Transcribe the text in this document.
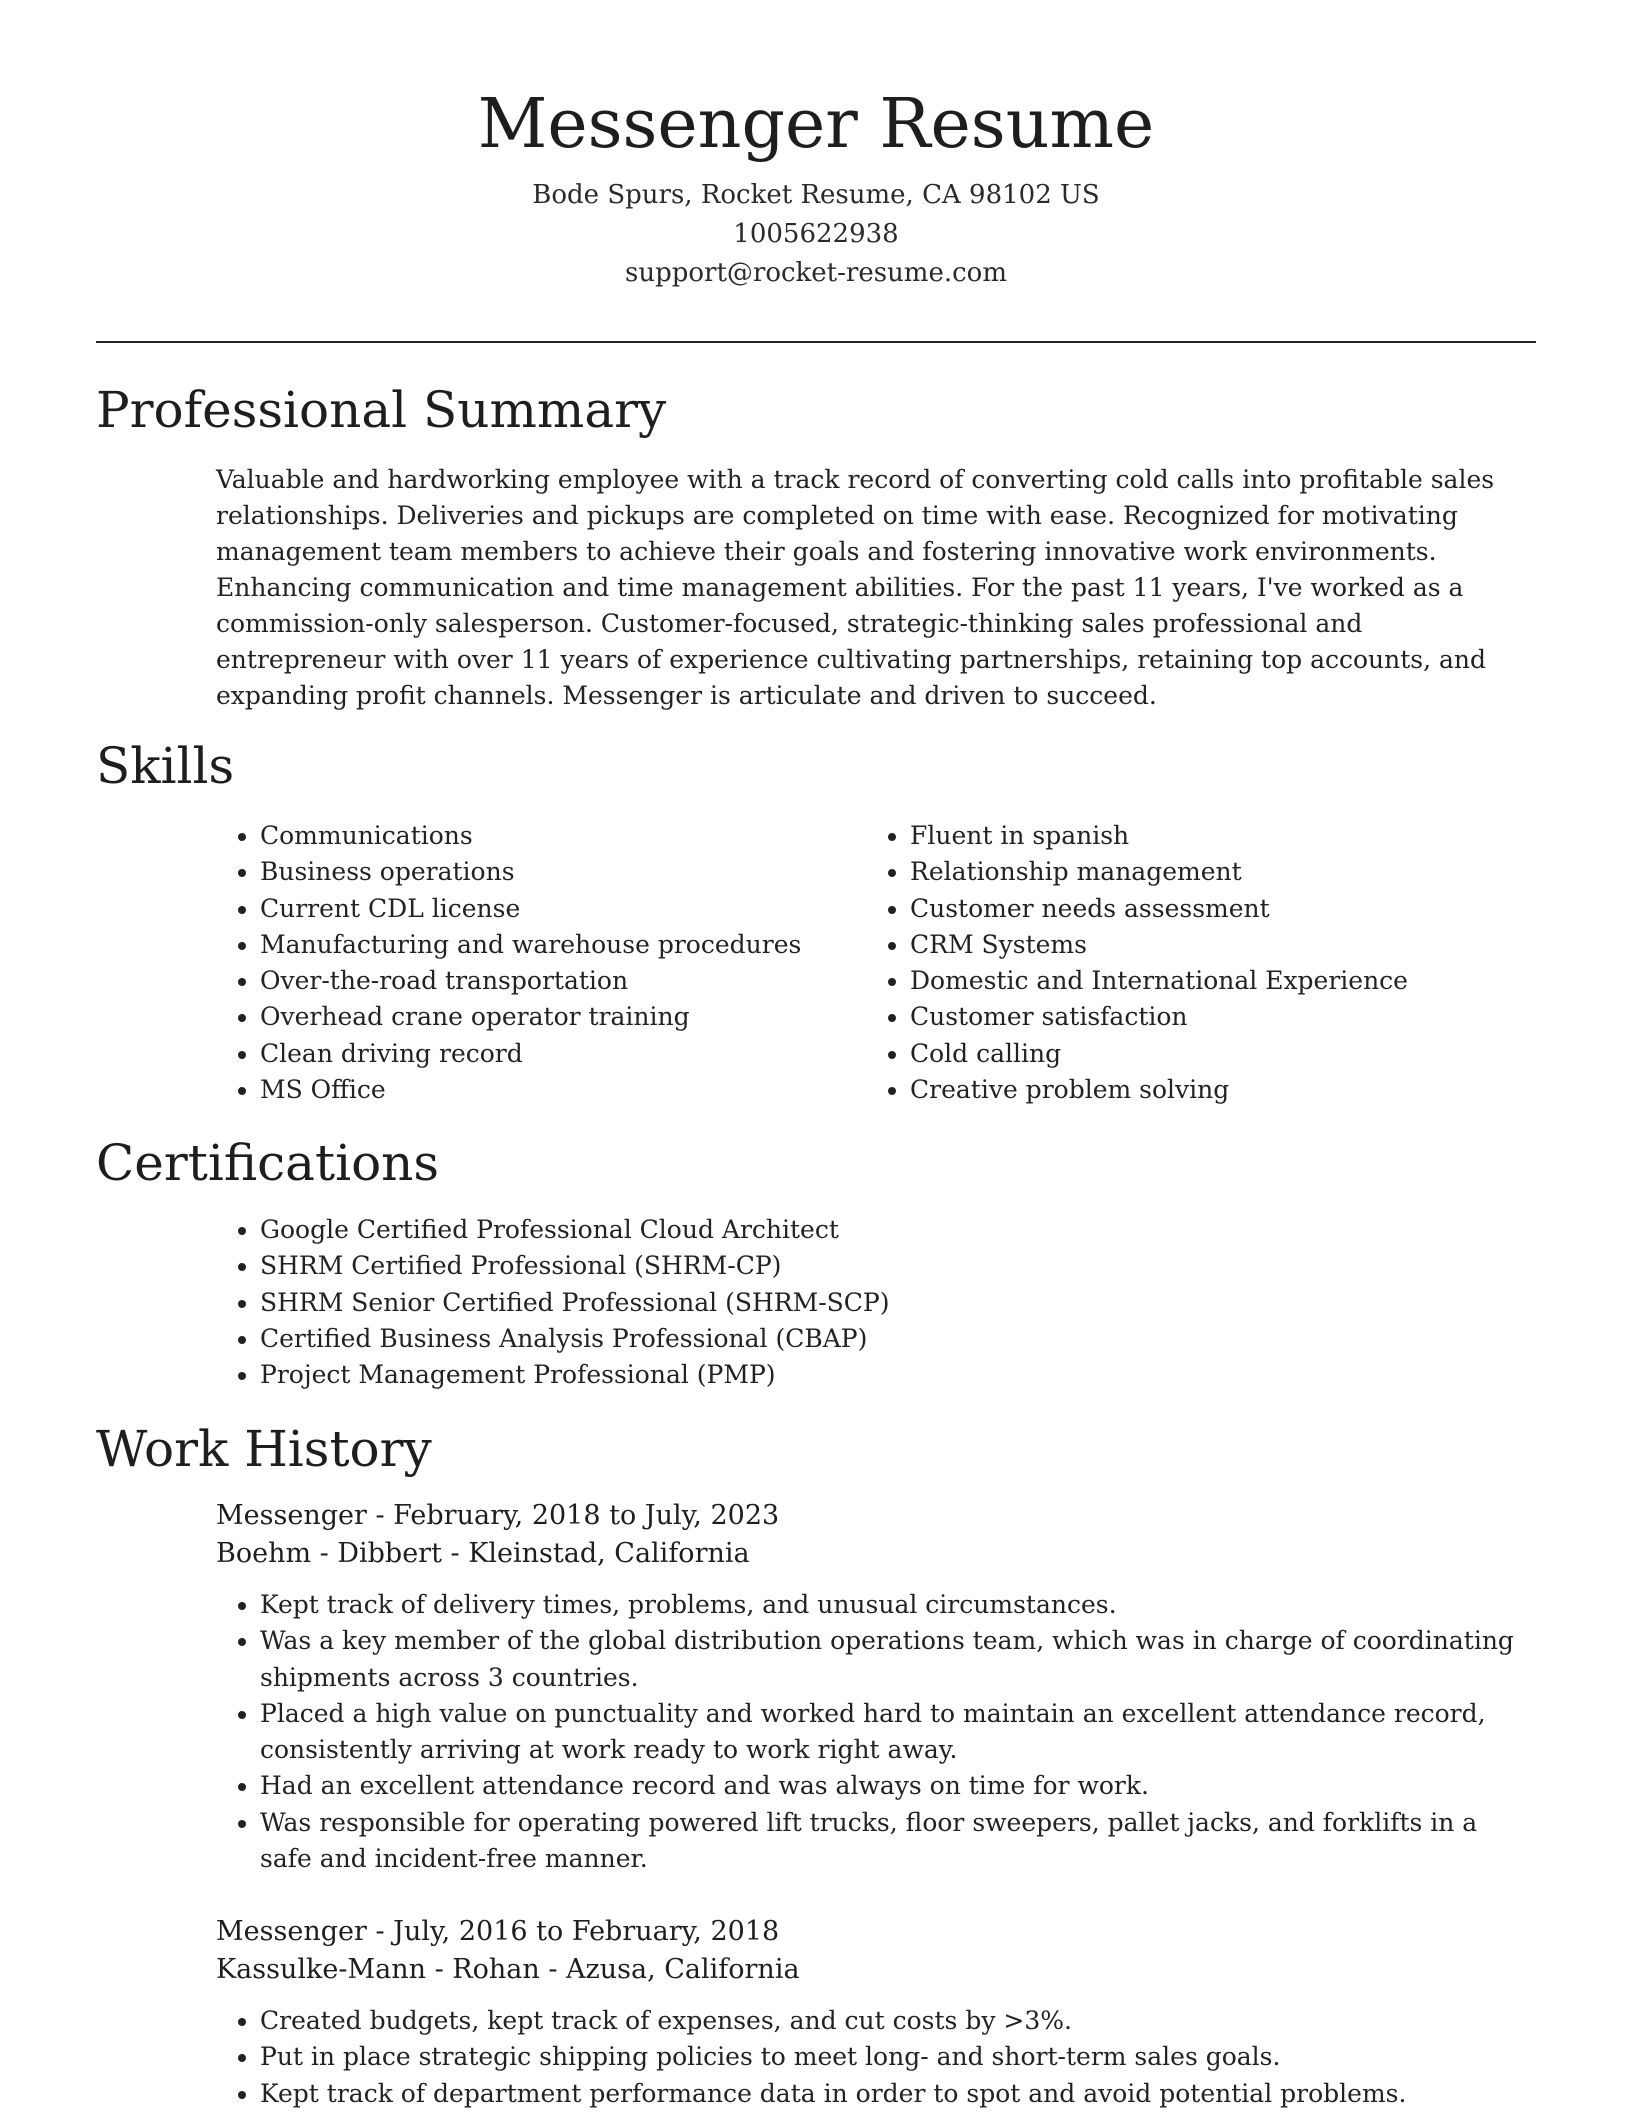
Messenger Resume
Bode Spurs, Rocket Resume, CA 98102 US
1005622938
support@rocket-resume.com
Professional Summary

Valuable and hardworking employee with a track record of converting cold calls into profitable sales relationships. Deliveries and pickups are completed on time with ease. Recognized for motivating management team members to achieve their goals and fostering innovative work environments. Enhancing communication and time management abilities. For the past 11 years, I've worked as a commission-only salesperson. Customer-focused, strategic-thinking sales professional and entrepreneur with over 11 years of experience cultivating partnerships, retaining top accounts, and expanding profit channels. Messenger is articulate and driven to succeed.

Skills
• Communications
• Business operations
• Current CDL license
• Manufacturing and warehouse procedures
• Over-the-road transportation
• Overhead crane operator training
• Clean driving record
• MS Office
• Fluent in spanish
• Relationship management
• Customer needs assessment
• CRM Systems
• Domestic and International Experience
• Customer satisfaction
• Cold calling
• Creative problem solving
Certifications
• Google Certified Professional Cloud Architect
• SHRM Certified Professional (SHRM-CP)
• SHRM Senior Certified Professional (SHRM-SCP)
• Certified Business Analysis Professional (CBAP)
• Project Management Professional (PMP)
Work History
Messenger - February, 2018 to July, 2023
Boehm - Dibbert - Kleinstad, California
• Kept track of delivery times, problems, and unusual circumstances.
• Was a key member of the global distribution operations team, which was in charge of coordinating shipments across 3 countries.
• Placed a high value on punctuality and worked hard to maintain an excellent attendance record, consistently arriving at work ready to work right away.
• Had an excellent attendance record and was always on time for work.
• Was responsible for operating powered lift trucks, floor sweepers, pallet jacks, and forklifts in a safe and incident-free manner.
Messenger - July, 2016 to February, 2018
Kassulke-Mann - Rohan - Azusa, California
• Created budgets, kept track of expenses, and cut costs by >3%.
• Put in place strategic shipping policies to meet long- and short-term sales goals.
• Kept track of department performance data in order to spot and avoid potential problems.
